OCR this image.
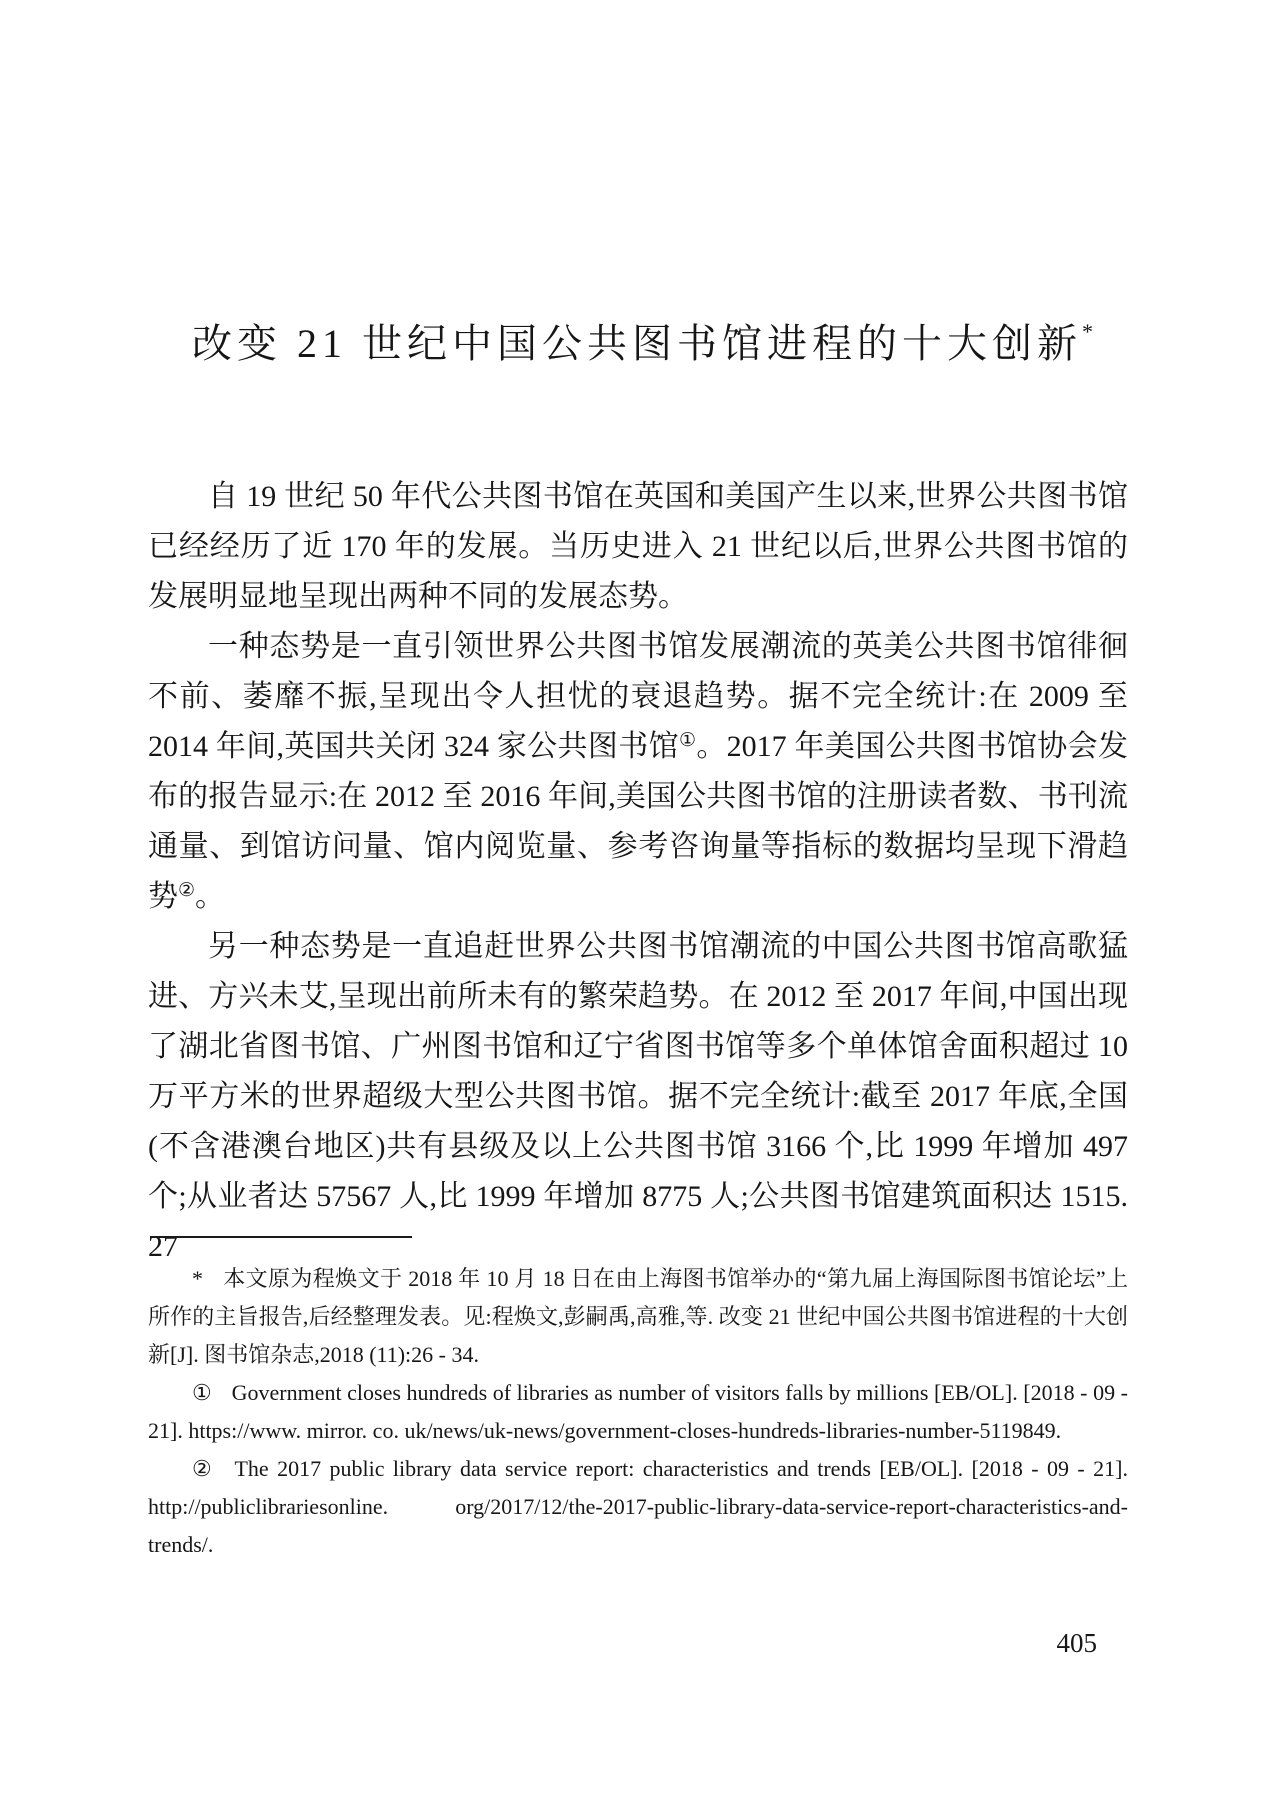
改变 21 世纪中国公共图书馆进程的十大创新*

自 19 世纪 50 年代公共图书馆在英国和美国产生以来,世界公共图书馆已经经历了近 170 年的发展。当历史进入 21 世纪以后,世界公共图书馆的发展明显地呈现出两种不同的发展态势。

一种态势是一直引领世界公共图书馆发展潮流的英美公共图书馆徘徊不前、萎靡不振,呈现出令人担忧的衰退趋势。据不完全统计:在 2009 至 2014 年间,英国共关闭 324 家公共图书馆①。2017 年美国公共图书馆协会发布的报告显示:在 2012 至 2016 年间,美国公共图书馆的注册读者数、书刊流通量、到馆访问量、馆内阅览量、参考咨询量等指标的数据均呈现下滑趋势②。

另一种态势是一直追赶世界公共图书馆潮流的中国公共图书馆高歌猛进、方兴未艾,呈现出前所未有的繁荣趋势。在 2012 至 2017 年间,中国出现了湖北省图书馆、广州图书馆和辽宁省图书馆等多个单体馆舍面积超过 10 万平方米的世界超级大型公共图书馆。据不完全统计:截至 2017 年底,全国(不含港澳台地区)共有县级及以上公共图书馆 3166 个,比 1999 年增加 497 个;从业者达 57567 人,比 1999 年增加 8775 人;公共图书馆建筑面积达 1515. 27

* 本文原为程焕文于 2018 年 10 月 18 日在由上海图书馆举办的“第九届上海国际图书馆论坛”上所作的主旨报告,后经整理发表。见:程焕文,彭嗣禹,高雅,等. 改变 21 世纪中国公共图书馆进程的十大创新[J]. 图书馆杂志,2018 (11):26 - 34.

① Government closes hundreds of libraries as number of visitors falls by millions [EB/OL]. [2018 - 09 - 21]. https://www. mirror. co. uk/news/uk-news/government-closes-hundreds-libraries-number-5119849.

② The 2017 public library data service report: characteristics and trends [EB/OL]. [2018 - 09 - 21]. http://publiclibrariesonline. org/2017/12/the-2017-public-library-data-service-report-characteristics-and-trends/.

405
